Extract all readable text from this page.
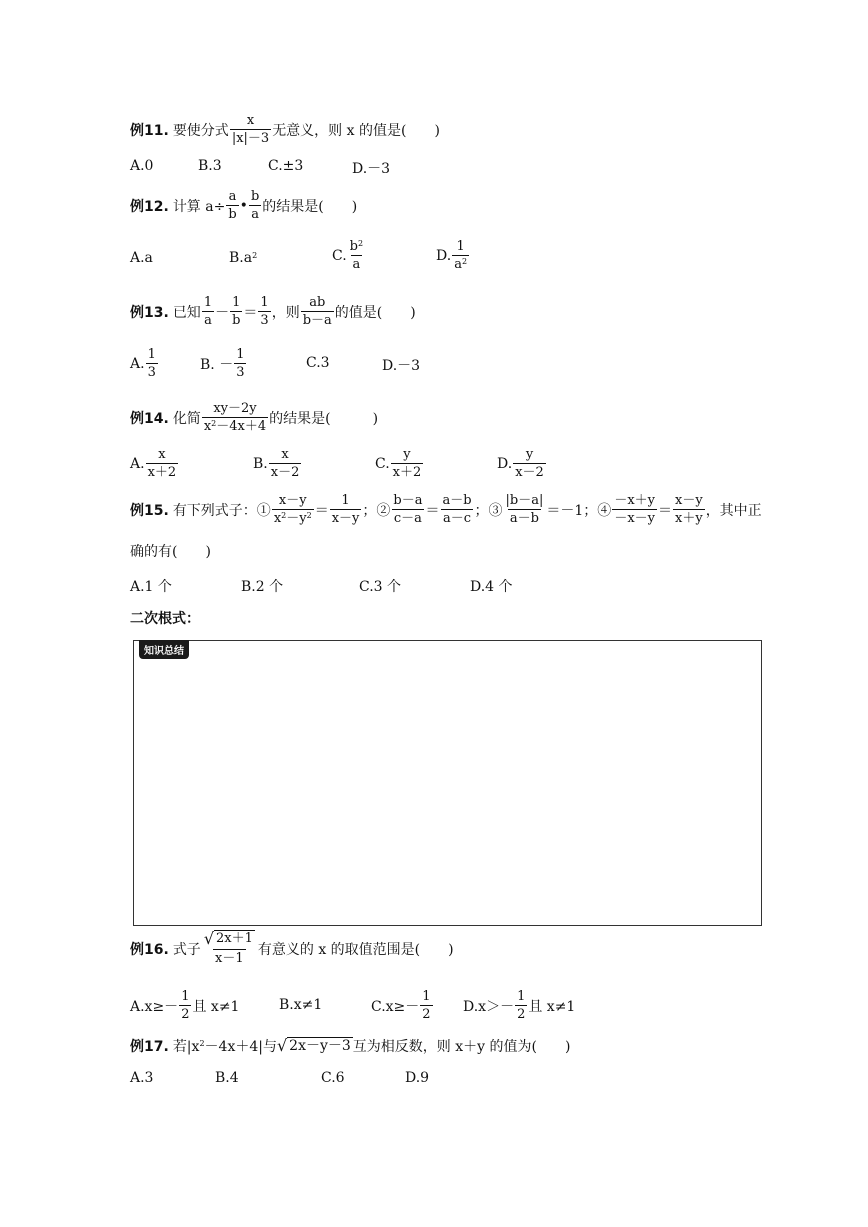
例11. 要使分式 $\frac{x}{|x|-3}$ 无意义，则 x 的值是(　　)
A.0	B.3	C.±3	D.－3
例12. 计算 $a\div \frac{a}{b}$ • $\frac{b}{a}$ 的结果是(　　)
A.a	B.a 2	C. $\frac{b^2}{a}$	D. $\frac{1}{a^2}$
例13. 已知 $\frac{1}{a} - \frac{1}{b} = \frac{1}{3}$ ，则 $\frac{ab}{b-a}$ 的值是(　　)
A. $\frac{1}{3}$	B. － $\frac{1}{3}$	C.3	D.－3
例14. 化简 $\frac{xy-2y}{x^2-4x+4}$ 的结果是(　　　)
A. $\frac{x}{x+2}$	B. $\frac{x}{x-2}$	C. $\frac{y}{x+2}$	D. $\frac{y}{x-2}$
例15. 有下列式子：① $\frac{x-y}{x^2-y^2} = \frac{1}{x-y}$ ；② $\frac{b-a}{c-a} = \frac{a-b}{a-c}$ ；③ $\frac{|b-a|}{a-b} =-1$；④ $\frac{-x+y}{-x-y} = \frac{x-y}{x+y}$ ，其中正
确的有(　　)
A.1 个	B.2 个	C.3 个	D.4 个
二次根式：
知识总结
例16. 式子 $\frac{√ 2x+1}{x-1}$ 有意义的 x 的取值范围是(　　)
$A.x\ge- \frac{1}{2}$ 且 x≠1	B.x≠1	$C.x\ge- \frac{1}{2} D.x>- \frac{1}{2}$ 且 x≠1
例17. 若|x 2 －4x＋4|与 √ 2x－y－3 互为相反数，则 x＋y 的值为(　　)
A.3	B.4	C.6	D.9
